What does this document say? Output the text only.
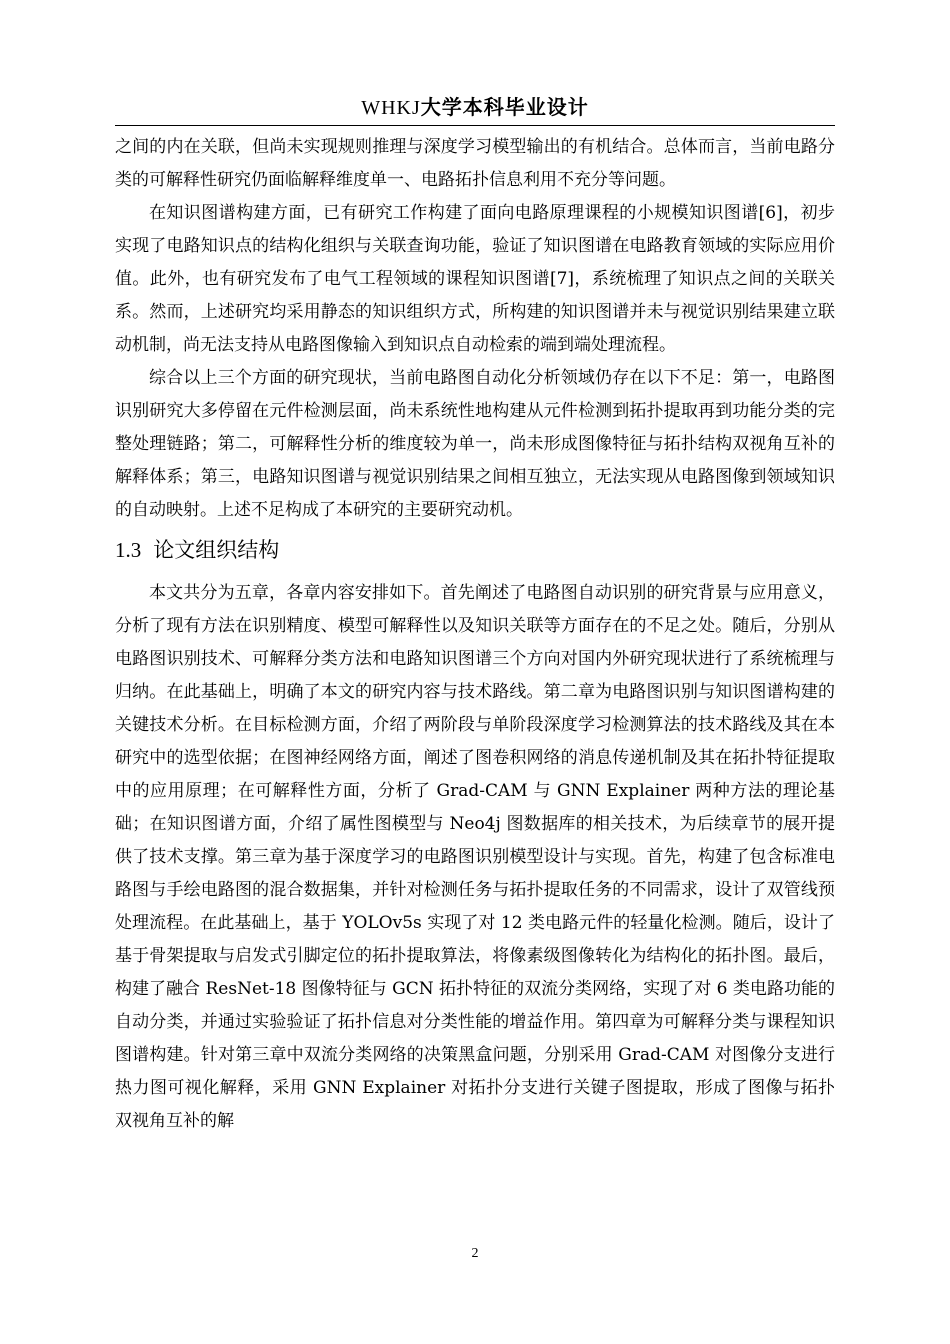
WHKJ大学本科毕业设计

之间的内在关联，但尚未实现规则推理与深度学习模型输出的有机结合。总体而言，当前电路分类的可解释性研究仍面临解释维度单一、电路拓扑信息利用不充分等问题。

在知识图谱构建方面，已有研究工作构建了面向电路原理课程的小规模知识图谱[6]，初步实现了电路知识点的结构化组织与关联查询功能，验证了知识图谱在电路教育领域的实际应用价值。此外，也有研究发布了电气工程领域的课程知识图谱[7]，系统梳理了知识点之间的关联关系。然而，上述研究均采用静态的知识组织方式，所构建的知识图谱并未与视觉识别结果建立联动机制，尚无法支持从电路图像输入到知识点自动检索的端到端处理流程。

综合以上三个方面的研究现状，当前电路图自动化分析领域仍存在以下不足：第一，电路图识别研究大多停留在元件检测层面，尚未系统性地构建从元件检测到拓扑提取再到功能分类的完整处理链路；第二，可解释性分析的维度较为单一，尚未形成图像特征与拓扑结构双视角互补的解释体系；第三，电路知识图谱与视觉识别结果之间相互独立，无法实现从电路图像到领域知识的自动映射。上述不足构成了本研究的主要研究动机。

1.3 论文组织结构

本文共分为五章，各章内容安排如下。首先阐述了电路图自动识别的研究背景与应用意义，分析了现有方法在识别精度、模型可解释性以及知识关联等方面存在的不足之处。随后，分别从电路图识别技术、可解释分类方法和电路知识图谱三个方向对国内外研究现状进行了系统梳理与归纳。在此基础上，明确了本文的研究内容与技术路线。第二章为电路图识别与知识图谱构建的关键技术分析。在目标检测方面，介绍了两阶段与单阶段深度学习检测算法的技术路线及其在本研究中的选型依据；在图神经网络方面，阐述了图卷积网络的消息传递机制及其在拓扑特征提取中的应用原理；在可解释性方面，分析了 Grad-CAM 与 GNN Explainer 两种方法的理论基础；在知识图谱方面，介绍了属性图模型与 Neo4j 图数据库的相关技术，为后续章节的展开提供了技术支撑。第三章为基于深度学习的电路图识别模型设计与实现。首先，构建了包含标准电路图与手绘电路图的混合数据集，并针对检测任务与拓扑提取任务的不同需求，设计了双管线预处理流程。在此基础上，基于 YOLOv5s 实现了对 12 类电路元件的轻量化检测。随后，设计了基于骨架提取与启发式引脚定位的拓扑提取算法，将像素级图像转化为结构化的拓扑图。最后，构建了融合 ResNet-18 图像特征与 GCN 拓扑特征的双流分类网络，实现了对 6 类电路功能的自动分类，并通过实验验证了拓扑信息对分类性能的增益作用。第四章为可解释分类与课程知识图谱构建。针对第三章中双流分类网络的决策黑盒问题，分别采用 Grad-CAM 对图像分支进行热力图可视化解释，采用 GNN Explainer 对拓扑分支进行关键子图提取，形成了图像与拓扑双视角互补的解

2
